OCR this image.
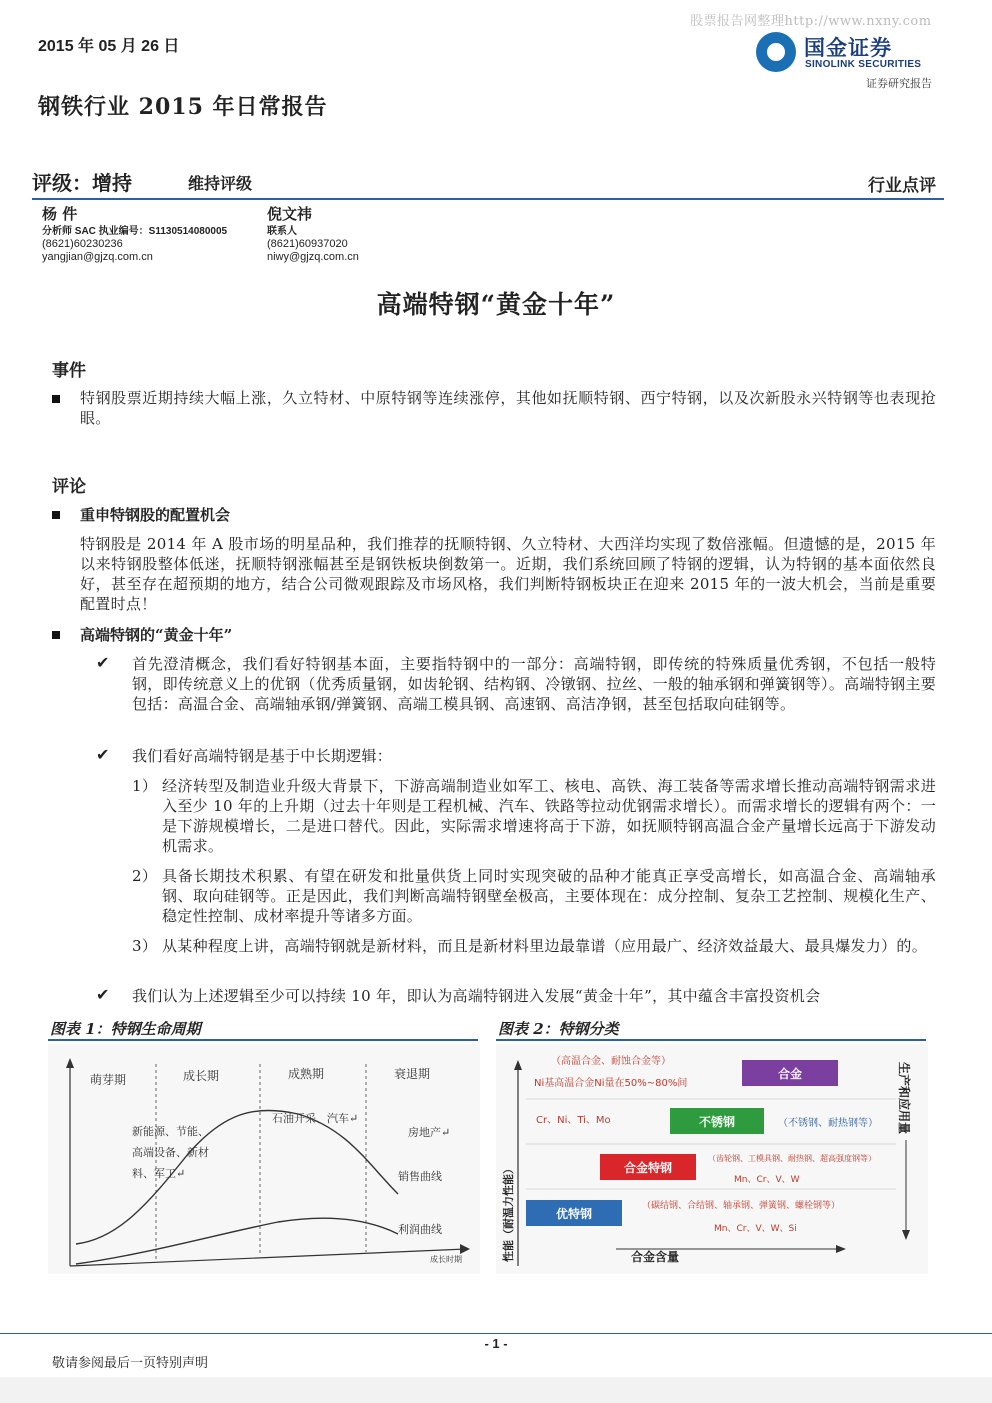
股票报告网整理http://www.nxny.com
2015 年 05 月 26 日	国金证券
SINOLINK SECURITIES
证券研究报告
钢铁行业 2015 年日常报告
评级：增持	维持评级	行业点评
杨 件
分析师 SAC 执业编号：S1130514080005
(8621)60230236
yangjian@gjzq.com.cn
倪文祎
联系人
(8621)60937020
niwy@gjzq.com.cn
高端特钢“黄金十年”
事件
特钢股票近期持续大幅上涨，久立特材、中原特钢等连续涨停，其他如抚顺特钢、西宁特钢，以及次新股永兴特钢等也表现抢眼。
评论
重申特钢股的配置机会
特钢股是 2014 年 A 股市场的明星品种，我们推荐的抚顺特钢、久立特材、大西洋均实现了数倍涨幅。但遗憾的是，2015 年以来特钢股整体低迷，抚顺特钢涨幅甚至是钢铁板块倒数第一。近期，我们系统回顾了特钢的逻辑，认为特钢的基本面依然良好，甚至存在超预期的地方，结合公司微观跟踪及市场风格，我们判断特钢板块正在迎来 2015 年的一波大机会，当前是重要配置时点！
高端特钢的“黄金十年”
✔ 首先澄清概念，我们看好特钢基本面，主要指特钢中的一部分：高端特钢，即传统的特殊质量优秀钢，不包括一般特钢，即传统意义上的优钢（优秀质量钢，如齿轮钢、结构钢、冷镦钢、拉丝、一般的轴承钢和弹簧钢等）。高端特钢主要包括：高温合金、高端轴承钢/弹簧钢、高端工模具钢、高速钢、高洁净钢，甚至包括取向硅钢等。
✔ 我们看好高端特钢是基于中长期逻辑：
1） 经济转型及制造业升级大背景下，下游高端制造业如军工、核电、高铁、海工装备等需求增长推动高端特钢需求进入至少 10 年的上升期（过去十年则是工程机械、汽车、铁路等拉动优钢需求增长）。而需求增长的逻辑有两个：一是下游规模增长，二是进口替代。因此，实际需求增速将高于下游，如抚顺特钢高温合金产量增长远高于下游发动机需求。
2） 具备长期技术积累、有望在研发和批量供货上同时实现突破的品种才能真正享受高增长，如高温合金、高端轴承钢、取向硅钢等。正是因此，我们判断高端特钢壁垒极高，主要体现在：成分控制、复杂工艺控制、规模化生产、稳定性控制、成材率提升等诸多方面。
3） 从某种程度上讲，高端特钢就是新材料，而且是新材料里边最靠谱（应用最广、经济效益最大、最具爆发力）的。
✔ 我们认为上述逻辑至少可以持续 10 年，即认为高端特钢进入发展“黄金十年”，其中蕴含丰富投资机会
图表 1：特钢生命周期
萌芽期	成长期	成熟期	衰退期
新能源、节能、
高端设备、新材
料、军工↵
石油开采、汽车↵
房地产↵
销售曲线
利润曲线
成长时期
图表 2：特钢分类
（高温合金、耐蚀合金等）
Ni基高温合金Ni量在50%~80%间
合金
Cr、Ni、Ti、Mo	不锈钢	（不锈钢、耐热钢等）
合金特钢
（齿轮钢、工模具钢、耐热钢、超高强度钢等）
Mn、Cr、V、W
优特钢
（碳结钢、合结钢、轴承钢、弹簧钢、螺栓钢等）
Mn、Cr、V、W、Si
性能（耐温力性能）	合金含量
生产和应用量
- 1 -
敬请参阅最后一页特别声明
